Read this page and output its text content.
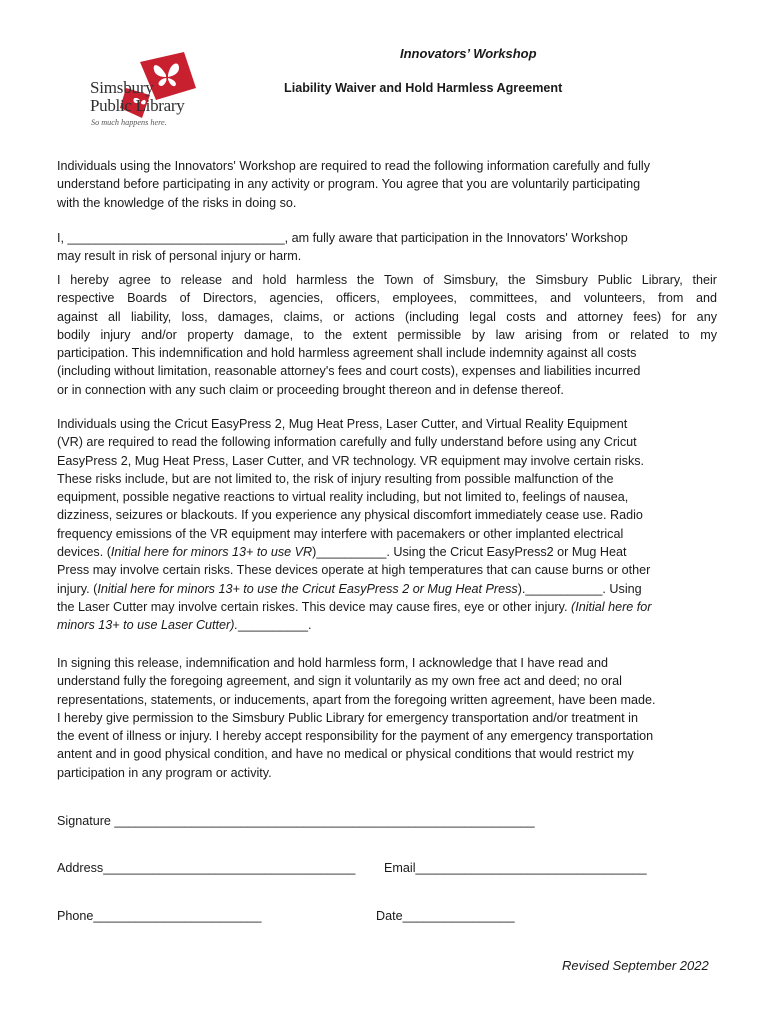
Simsbury
Public Library
So much happens here.
Innovators’ Workshop
Liability Waiver and Hold Harmless Agreement
Individuals using the Innovators' Workshop are required to read the following information carefully and fully
understand before participating in any activity or program. You agree that you are voluntarily participating
with the knowledge of the risks in doing so.
I, _______________________________, am fully aware that participation in the Innovators' Workshop
may result in risk of personal injury or harm.
I hereby agree to release and hold harmless the Town of Simsbury, the Simsbury Public Library, their
respective Boards of Directors, agencies, officers, employees, committees, and volunteers, from and
against all liability, loss, damages, claims, or actions (including legal costs and attorney fees) for any
bodily injury and/or property damage, to the extent permissible by law arising from or related to my
participation. This indemnification and hold harmless agreement shall include indemnity against all costs
(including without limitation, reasonable attorney's fees and court costs), expenses and liabilities incurred
or in connection with any such claim or proceeding brought thereon and in defense thereof.
Individuals using the Cricut EasyPress 2, Mug Heat Press, Laser Cutter, and Virtual Reality Equipment
(VR) are required to read the following information carefully and fully understand before using any Cricut
EasyPress 2, Mug Heat Press, Laser Cutter, and VR technology. VR equipment may involve certain risks.
These risks include, but are not limited to, the risk of injury resulting from possible malfunction of the
equipment, possible negative reactions to virtual reality including, but not limited to, feelings of nausea,
dizziness, seizures or blackouts. If you experience any physical discomfort immediately cease use. Radio
frequency emissions of the VR equipment may interfere with pacemakers or other implanted electrical
devices. (Initial here for minors 13+ to use VR)__________. Using the Cricut EasyPress2 or Mug Heat
Press may involve certain risks. These devices operate at high temperatures that can cause burns or other
injury. (Initial here for minors 13+ to use the Cricut EasyPress 2 or Mug Heat Press).___________. Using
the Laser Cutter may involve certain riskes. This device may cause fires, eye or other injury. (Initial here for
minors 13+ to use Laser Cutter).__________.
In signing this release, indemnification and hold harmless form, I acknowledge that I have read and
understand fully the foregoing agreement, and sign it voluntarily as my own free act and deed; no oral
representations, statements, or inducements, apart from the foregoing written agreement, have been made.
I hereby give permission to the Simsbury Public Library for emergency transportation and/or treatment in
the event of illness or injury. I hereby accept responsibility for the payment of any emergency transportation
antent and in good physical condition, and have no medical or physical conditions that would restrict my
participation in any program or activity.
Signature ____________________________________________________________
Address____________________________________ Email_________________________________
Phone________________________	Date________________
Revised September 2022
